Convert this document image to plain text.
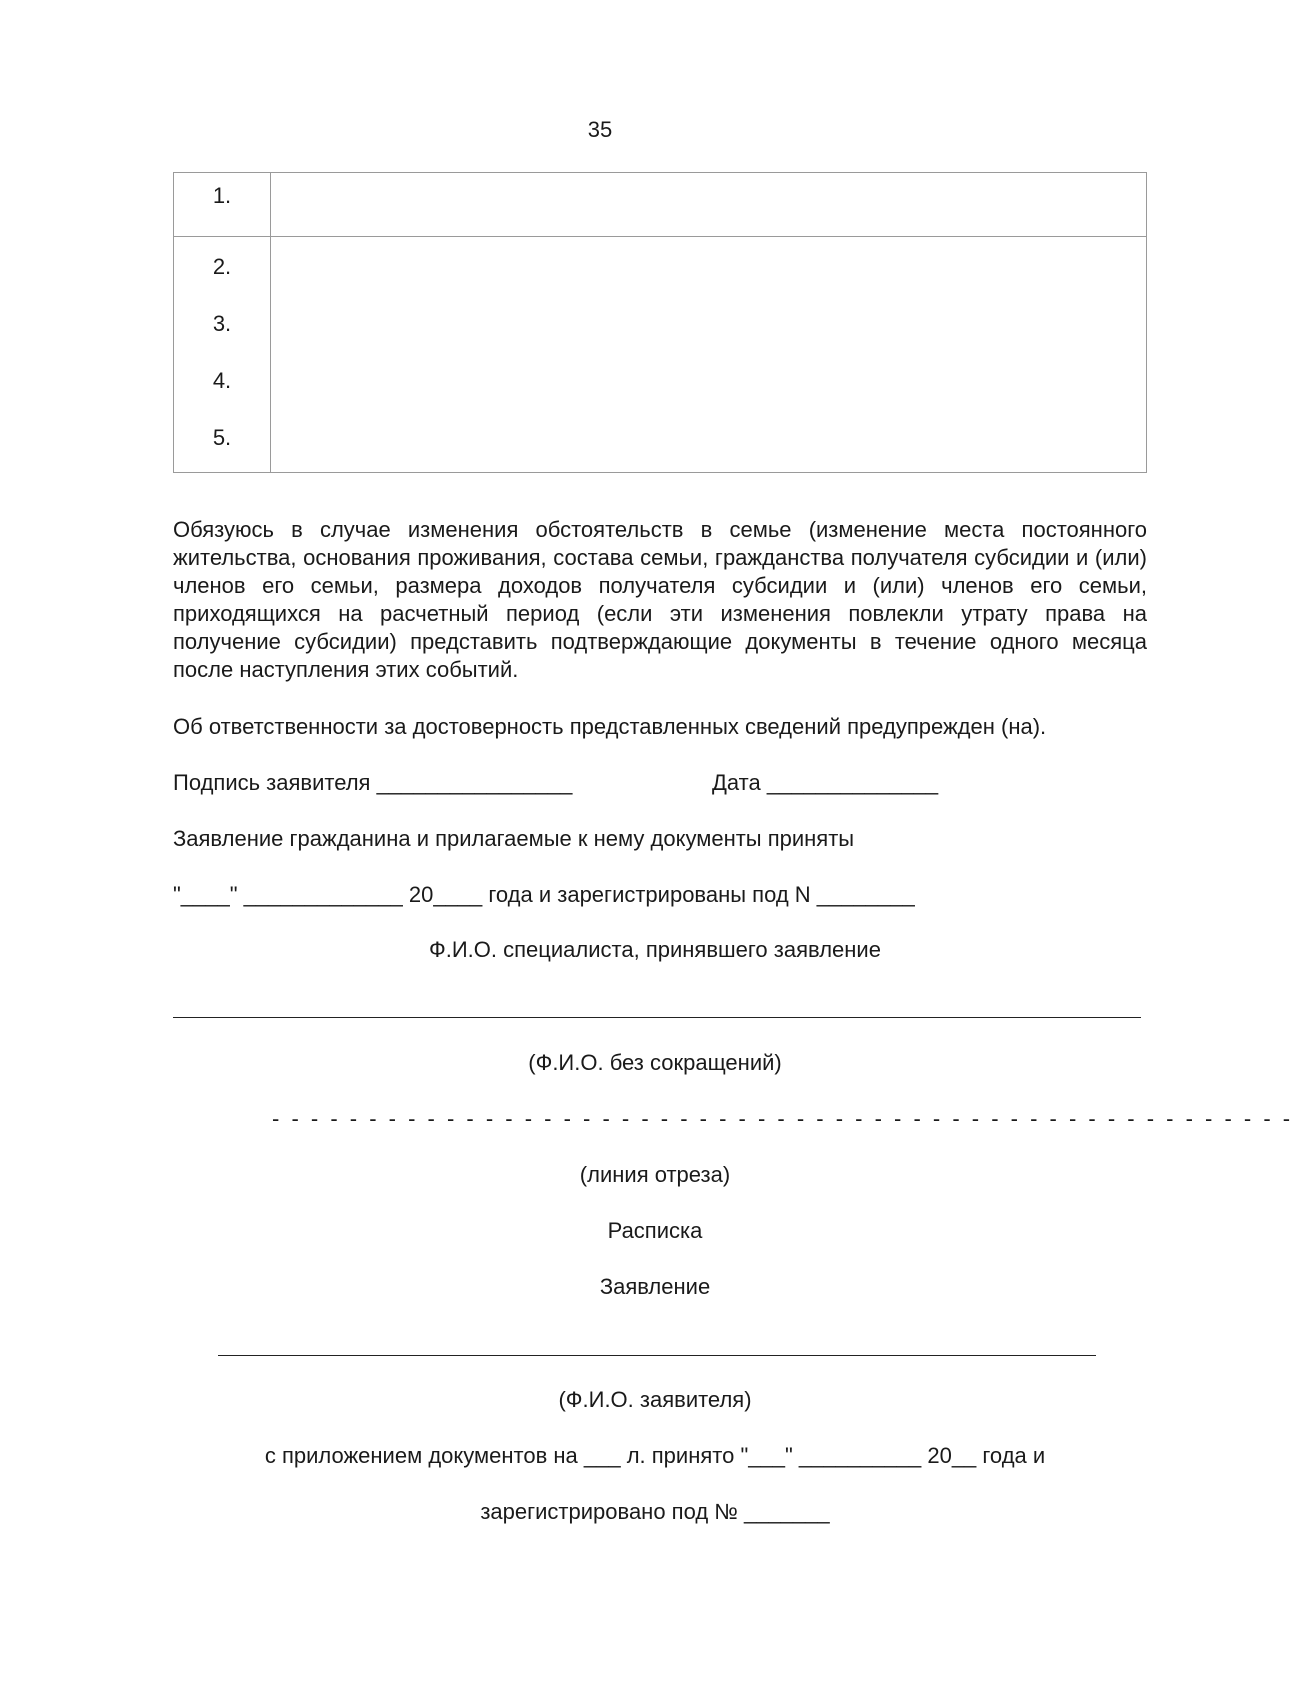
35
1.	

2.
3.
4.
5.	

Обязуюсь в случае изменения обстоятельств в семье (изменение места постоянного жительства, основания проживания, состава семьи, гражданства получателя субсидии и (или) членов его семьи, размера доходов получателя субсидии и (или) членов его семьи, приходящихся на расчетный период (если эти изменения повлекли утрату права на получение субсидии) представить подтверждающие документы в течение одного месяца после наступления этих событий.
Об ответственности за достоверность представленных сведений предупрежден (на).
Подпись заявителя ________________	Дата ______________
Заявление гражданина и прилагаемые к нему документы приняты
"____" _____________ 20____ года и зарегистрированы под N ________
Ф.И.О. специалиста, принявшего заявление
(Ф.И.О. без сокращений)
- - - - - - - - - - - - - - - - - - - - - - - - - - - - - - - - - - - - - - - - - - - - - - - - - - - - -
(линия отреза)
Расписка
Заявление
(Ф.И.О. заявителя)
с приложением документов на ___ л. принято "___" __________ 20__ года и
зарегистрировано под № _______
